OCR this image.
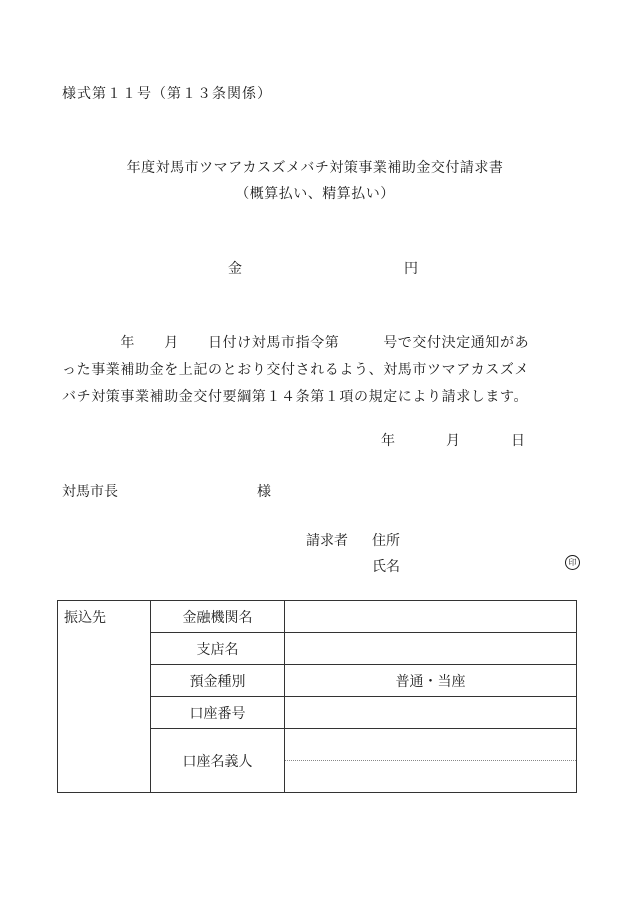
様式第１１号（第１３条関係）
年度対馬市ツマアカスズメバチ対策事業補助金交付請求書
（概算払い、精算払い）
金	円

　　　　年　　月　　日付け対馬市指令第　　　号で交付決定通知があ

った事業補助金を上記のとおり交付されるよう、対馬市ツマアカスズメ

バチ対策事業補助金交付要綱第１４条第１項の規定により請求します。

年	月	日
対馬市長	様
請求者 住所
氏名	印
振込先	金融機関名	
	支店名	
	預金種別	普通・当座
	口座番号	
	口座名義人	
